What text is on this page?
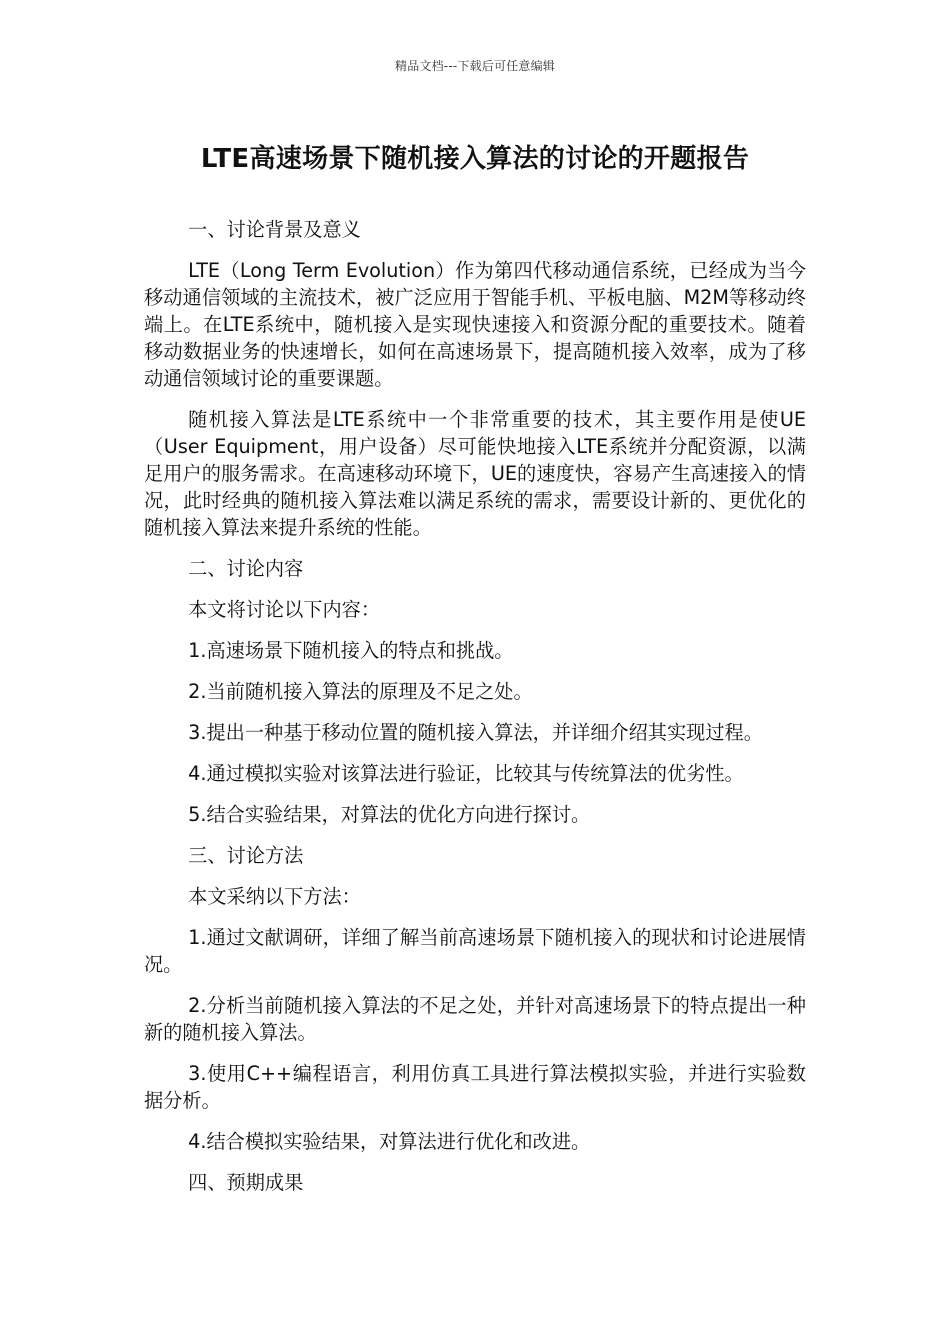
精品文档---下载后可任意编辑
LTE高速场景下随机接入算法的讨论的开题报告

一、讨论背景及意义

LTE（Long Term Evolution）作为第四代移动通信系统，已经成为当今移动通信领域的主流技术，被广泛应用于智能手机、平板电脑、M2M等移动终端上。在LTE系统中，随机接入是实现快速接入和资源分配的重要技术。随着移动数据业务的快速增长，如何在高速场景下，提高随机接入效率，成为了移动通信领域讨论的重要课题。

随机接入算法是LTE系统中一个非常重要的技术，其主要作用是使UE（User Equipment，用户设备）尽可能快地接入LTE系统并分配资源，以满足用户的服务需求。在高速移动环境下，UE的速度快，容易产生高速接入的情况，此时经典的随机接入算法难以满足系统的需求，需要设计新的、更优化的随机接入算法来提升系统的性能。

二、讨论内容

本文将讨论以下内容：

1.高速场景下随机接入的特点和挑战。

2.当前随机接入算法的原理及不足之处。

3.提出一种基于移动位置的随机接入算法，并详细介绍其实现过程。

4.通过模拟实验对该算法进行验证，比较其与传统算法的优劣性。

5.结合实验结果，对算法的优化方向进行探讨。

三、讨论方法

本文采纳以下方法：

1.通过文献调研，详细了解当前高速场景下随机接入的现状和讨论进展情况。

2.分析当前随机接入算法的不足之处，并针对高速场景下的特点提出一种新的随机接入算法。

3.使用C++编程语言，利用仿真工具进行算法模拟实验，并进行实验数据分析。

4.结合模拟实验结果，对算法进行优化和改进。

四、预期成果
